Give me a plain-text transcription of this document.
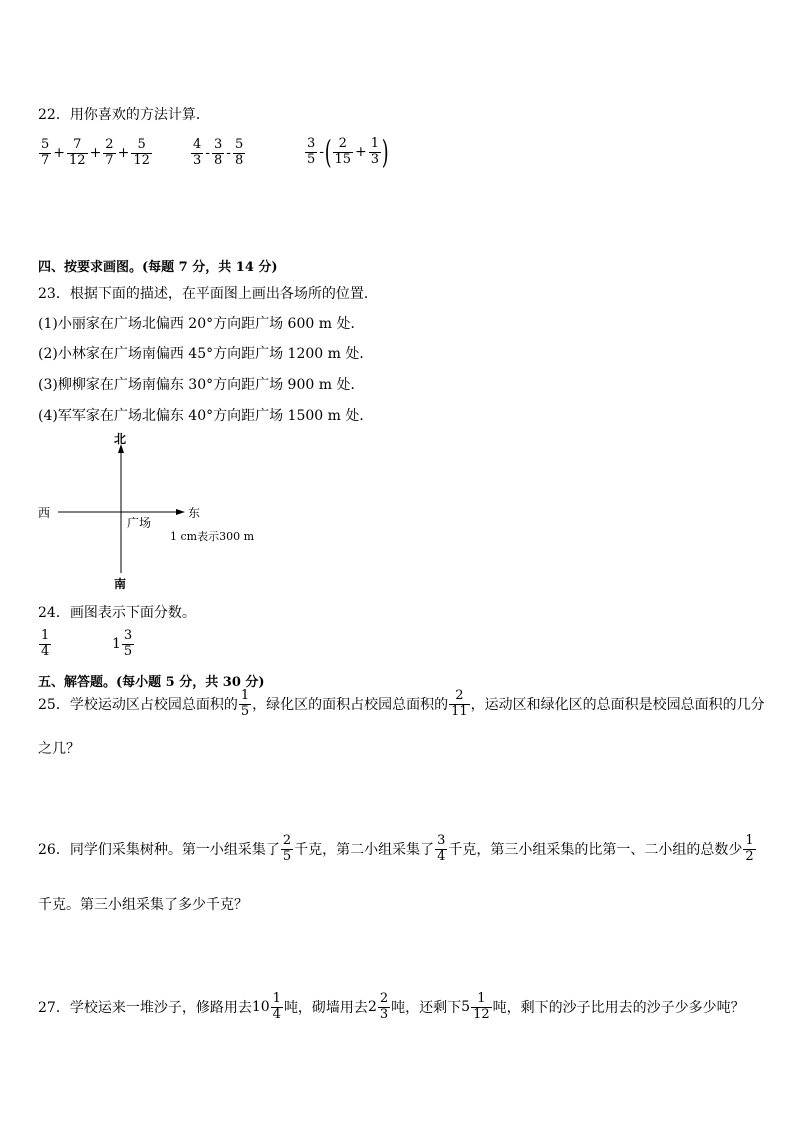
22．用你喜欢的方法计算．
$\frac{5}{7} + \frac{7}{12} + \frac{2}{7} + \frac{5}{12}$	$\frac{4}{3} - \frac{3}{8} - \frac{5}{8}$	$\frac{3}{5}$ -( $\frac{2}{15} + \frac{1}{3}$ )
四、按要求画图。(每题 7 分，共 14 分)
23．根据下面的描述，在平面图上画出各场所的位置．
(1)小丽家在广场北偏西 20°方向距广场 600 m 处．
(2)小林家在广场南偏西 45°方向距广场 1200 m 处．
(3)柳柳家在广场南偏东 30°方向距广场 900 m 处．
(4)军军家在广场北偏东 40°方向距广场 1500 m 处．
北
南
西	东
广场
1 cm表示300 m
24．画图表示下面分数。
$\frac{1}{4}$	$1 \frac{3}{5}$
五、解答题。(每小题 5 分，共 30 分)
25．学校运动区占校园总面积的 $\frac{1}{5}$ ，绿化区的面积占校园总面积的 $\frac{2}{11}$ ，运动区和绿化区的总面积是校园总面积的几分
之几？
26．同学们采集树种。第一小组采集了 $\frac{2}{5}$ 千克，第二小组采集了 $\frac{3}{4}$ 千克，第三小组采集的比第一、二小组的总数少 $\frac{1}{2}$
千克。第三小组采集了多少千克？
27．学校运来一堆沙子，修路用去$10 \frac{1}{4}$ 吨，砌墙用去$2 \frac{2}{3}$ 吨，还剩下$5 \frac{1}{12}$ 吨，剩下的沙子比用去的沙子少多少吨？
